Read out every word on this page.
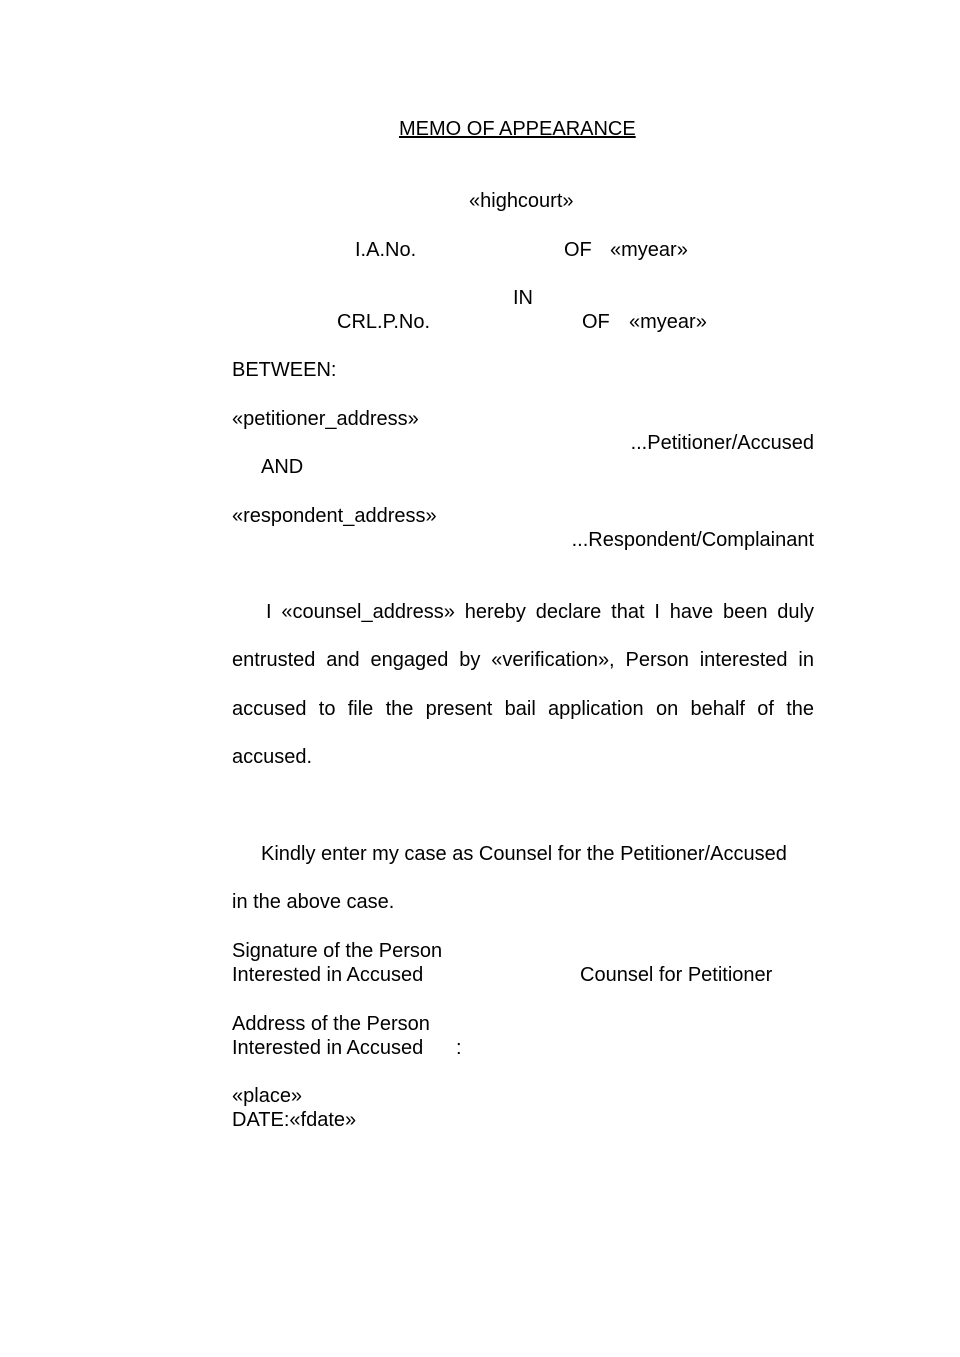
MEMO OF APPEARANCE
«highcourt»
I.A.No.	OF «myear»
IN
CRL.P.No.	OF «myear»
BETWEEN:
«petitioner_address»
...Petitioner/Accused
AND
«respondent_address»
...Respondent/Complainant
I «counsel_address» hereby declare that I have been duly entrusted and engaged by «verification», Person interested in accused to file the present bail application on behalf of the accused.
Kindly enter my case as Counsel for the Petitioner/Accused
in the above case.
Signature of the Person
Interested in Accused	Counsel for Petitioner
Address of the Person
Interested in Accused :
«place»
DATE:«fdate»
